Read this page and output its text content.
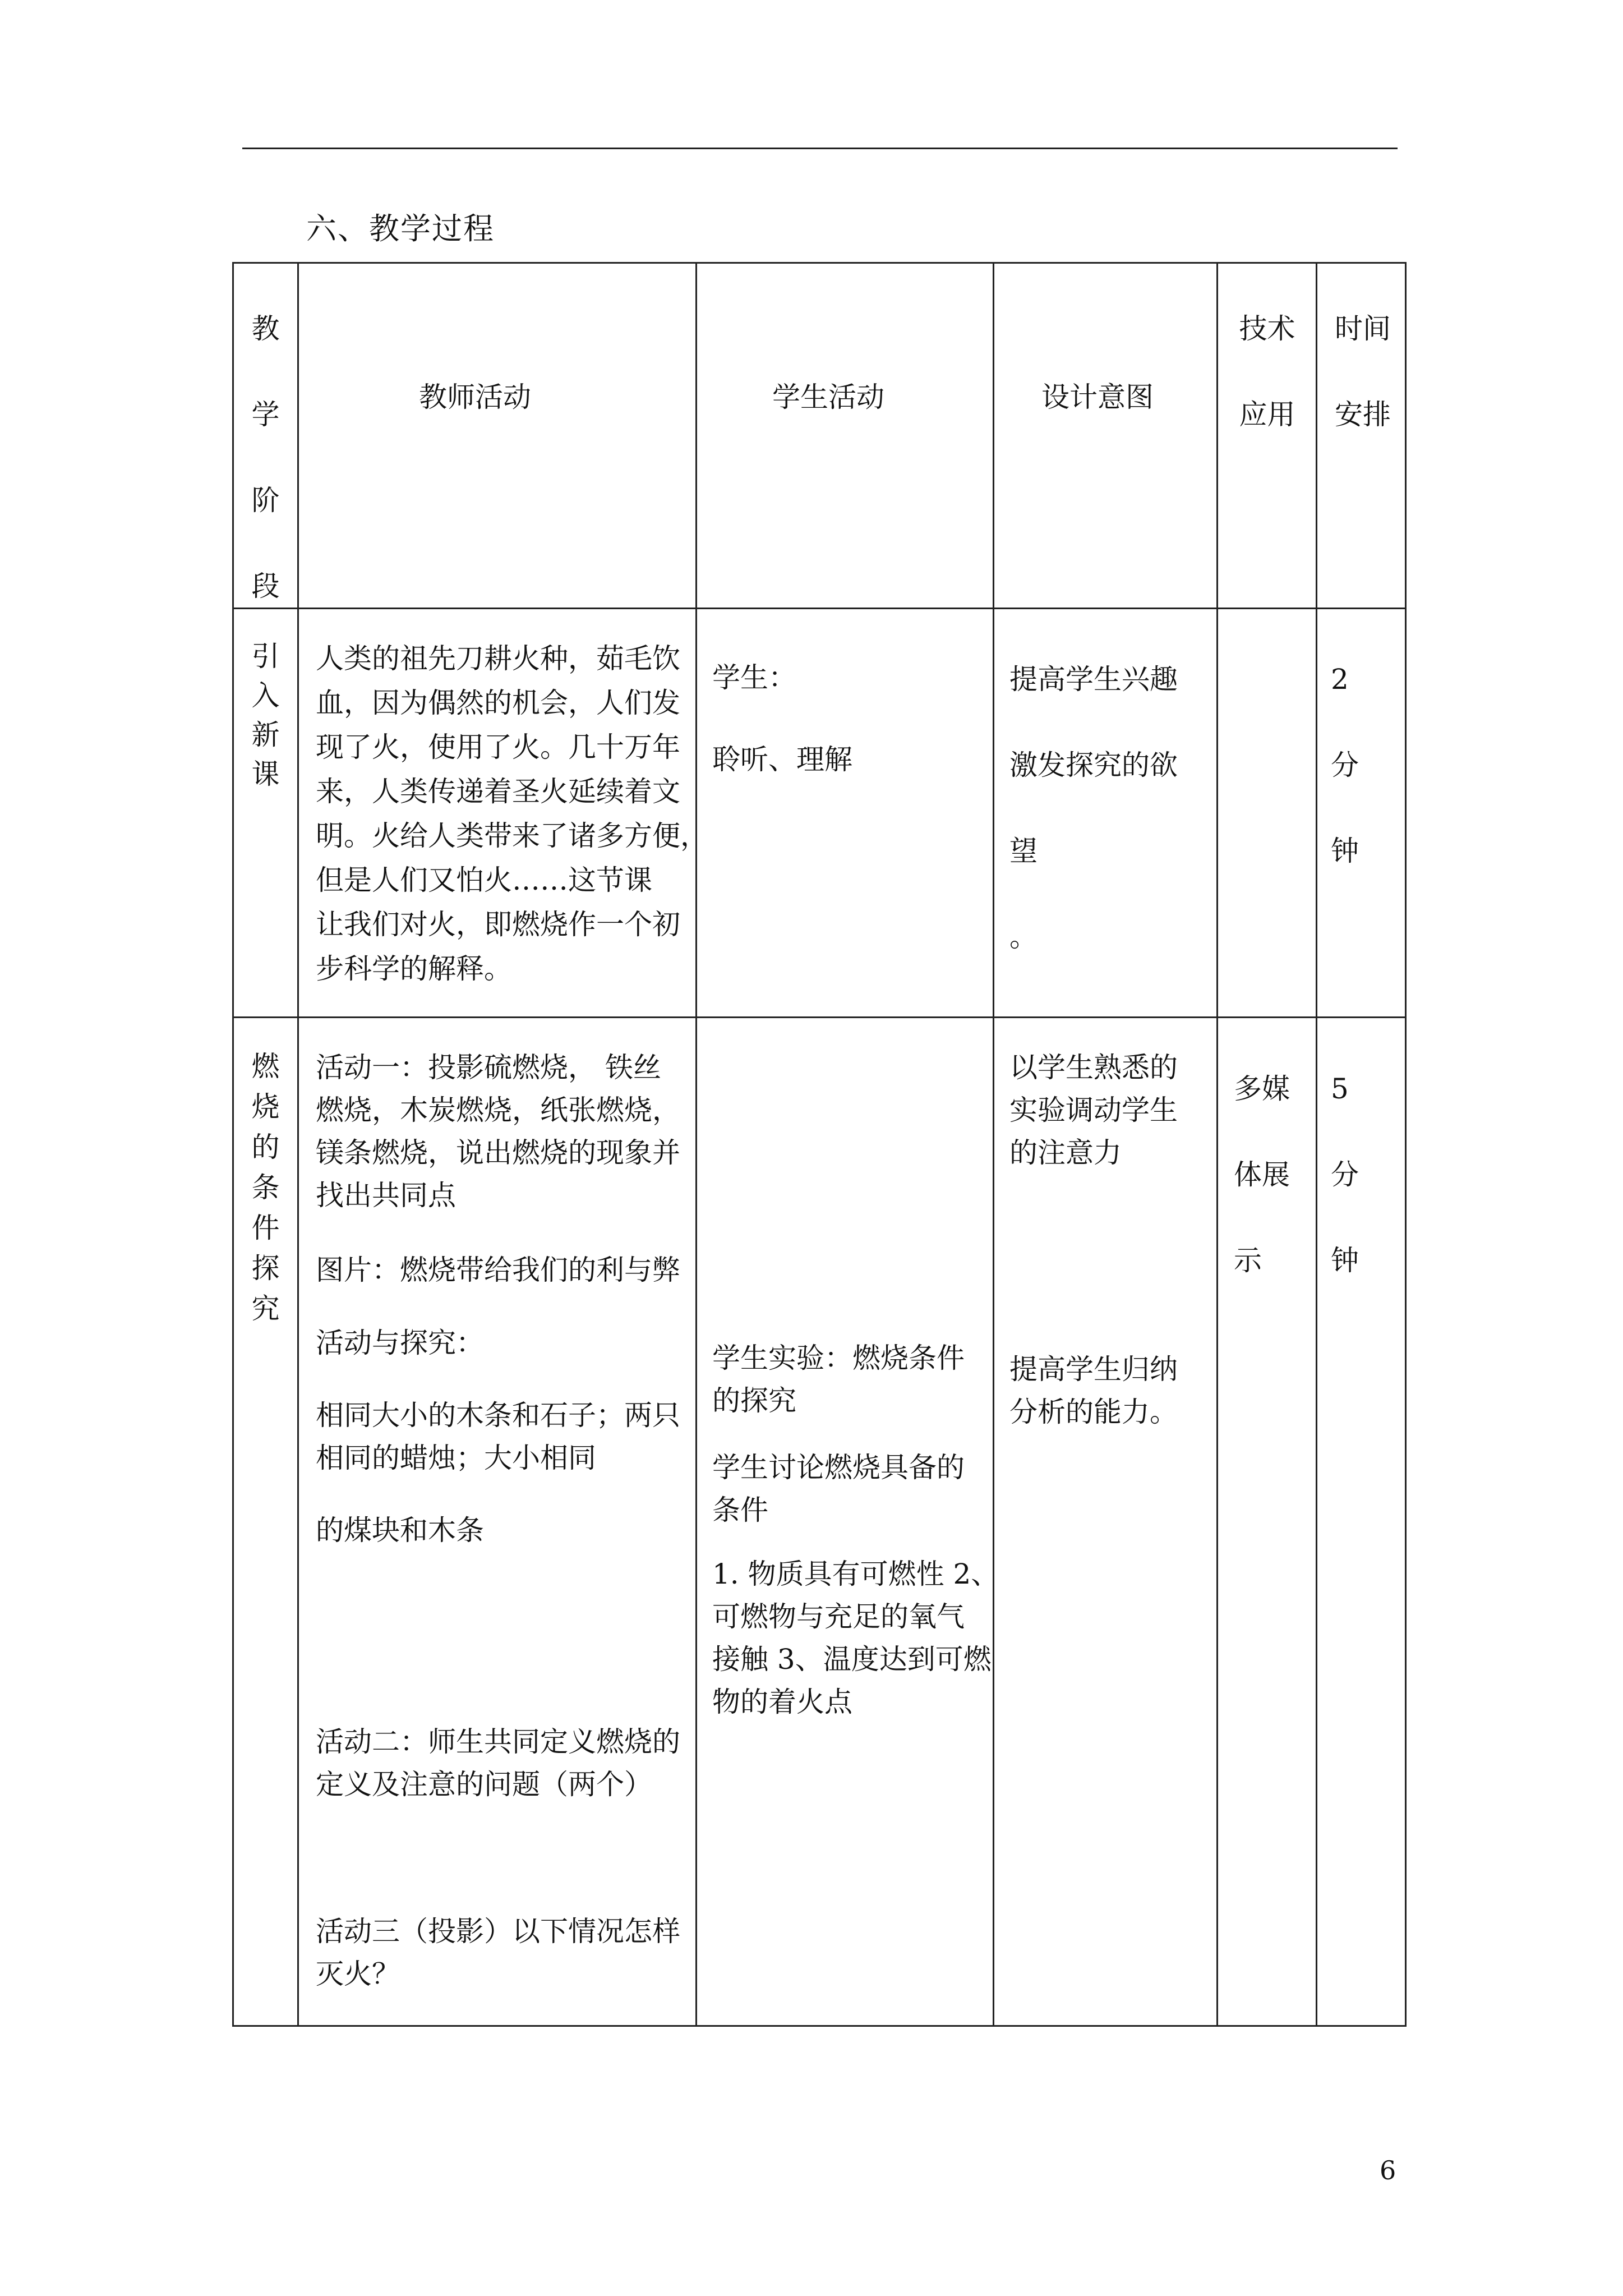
六、教学过程
教
学
阶
段
教师活动	学生活动	设计意图
技术
应用
时间
安排
引
入
新
课

人类的祖先刀耕火种，茹毛饮

血，因为偶然的机会，人们发

现了火，使用了火。几十万年

来，人类传递着圣火延续着文

明。火给人类带来了诸多方便，

但是人们又怕火……这节课

让我们对火，即燃烧作一个初

步科学的解释。

学生：

聆听、理解

提高学生兴趣

激发探究的欲

望

。

2

分

钟

燃
烧
的
条
件
探
究

活动一：投影硫燃烧， 铁丝

燃烧，木炭燃烧，纸张燃烧，

镁条燃烧，说出燃烧的现象并

找出共同点

图片：燃烧带给我们的利与弊
活动与探究：

相同大小的木条和石子；两只

相同的蜡烛；大小相同

的煤块和木条

活动二：师生共同定义燃烧的

定义及注意的问题（两个）

活动三（投影）以下情况怎样

灭火？

学生实验：燃烧条件

的探究

学生讨论燃烧具备的

条件

1. 物质具有可燃性 2、

可燃物与充足的氧气

接触 3、温度达到可燃

物的着火点

以学生熟悉的

实验调动学生

的注意力

提高学生归纳

分析的能力。

多媒

体展

示

5

分

钟

6
